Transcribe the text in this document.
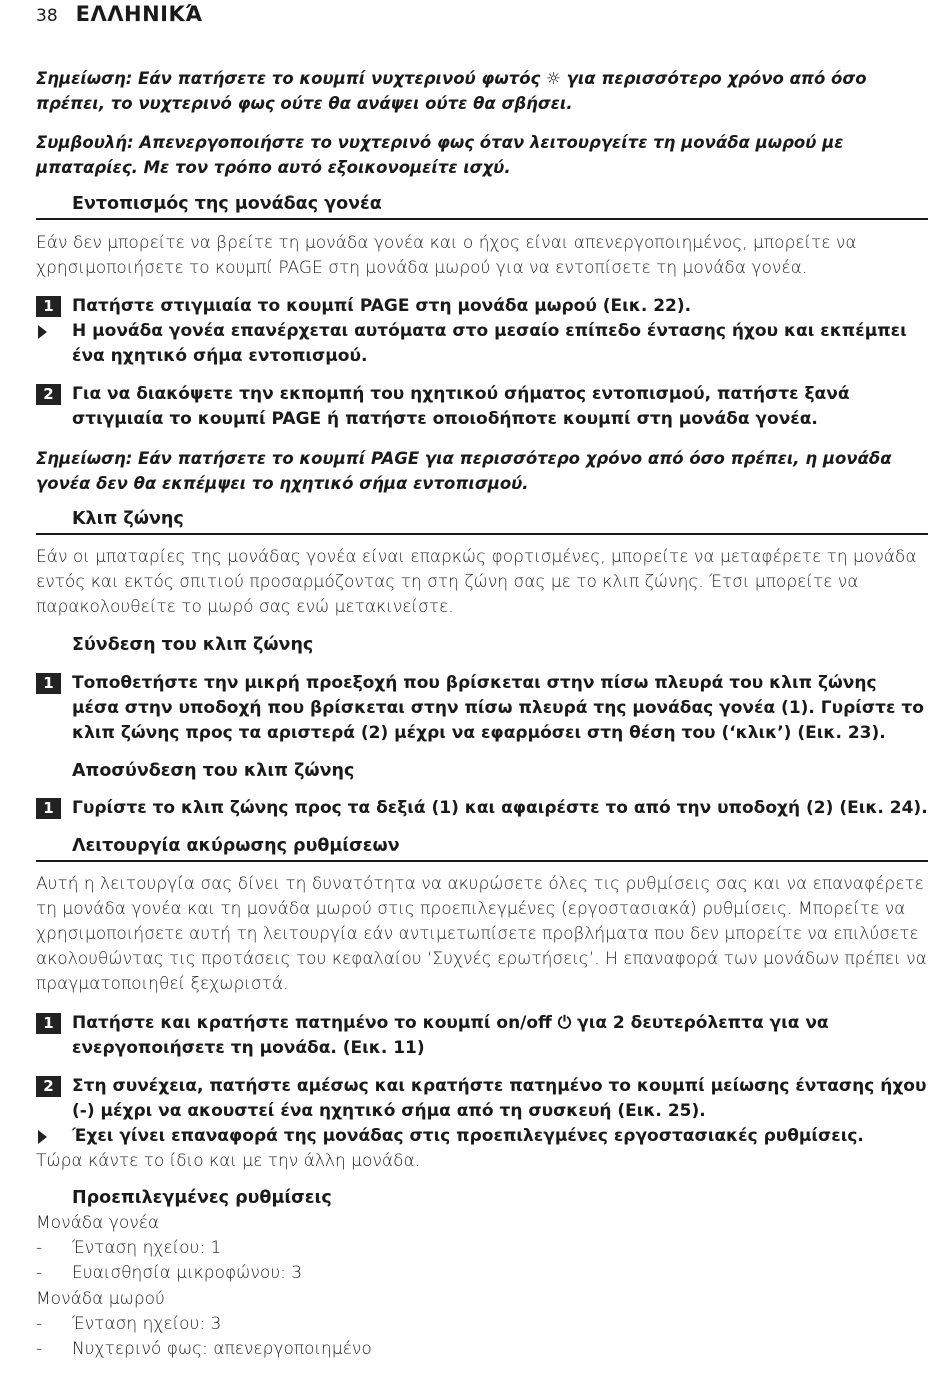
38 ΕΛΛΗΝΙΚΆ

Σημείωση: Εάν πατήσετε το κουμπί νυχτερινού φωτός ☼ για περισσότερο χρόνο από όσο πρέπει, το νυχτερινό φως ούτε θα ανάψει ούτε θα σβήσει.

Συμβουλή: Απενεργοποιήστε το νυχτερινό φως όταν λειτουργείτε τη μονάδα μωρού με μπαταρίες. Με τον τρόπο αυτό εξοικονομείτε ισχύ.

Εντοπισμός της μονάδας γονέα

Εάν δεν μπορείτε να βρείτε τη μονάδα γονέα και ο ήχος είναι απενεργοποιημένος, μπορείτε να χρησιμοποιήσετε το κουμπί PAGE στη μονάδα μωρού για να εντοπίσετε τη μονάδα γονέα.

1	Πατήστε στιγμιαία το κουμπί PAGE στη μονάδα μωρού (Εικ. 22).
Η μονάδα γονέα επανέρχεται αυτόματα στο μεσαίο επίπεδο έντασης ήχου και εκπέμπει ένα ηχητικό σήμα εντοπισμού.
2	Για να διακόψετε την εκπομπή του ηχητικού σήματος εντοπισμού, πατήστε ξανά στιγμιαία το κουμπί PAGE ή πατήστε οποιοδήποτε κουμπί στη μονάδα γονέα.

Σημείωση: Εάν πατήσετε το κουμπί PAGE για περισσότερο χρόνο από όσο πρέπει, η μονάδα γονέα δεν θα εκπέμψει το ηχητικό σήμα εντοπισμού.

Κλιπ ζώνης

Εάν οι μπαταρίες της μονάδας γονέα είναι επαρκώς φορτισμένες, μπορείτε να μεταφέρετε τη μονάδα εντός και εκτός σπιτιού προσαρμόζοντας τη στη ζώνη σας με το κλιπ ζώνης. Έτσι μπορείτε να παρακολουθείτε το μωρό σας ενώ μετακινείστε.

Σύνδεση του κλιπ ζώνης
1	Τοποθετήστε την μικρή προεξοχή που βρίσκεται στην πίσω πλευρά του κλιπ ζώνης μέσα στην υποδοχή που βρίσκεται στην πίσω πλευρά της μονάδας γονέα (1). Γυρίστε το κλιπ ζώνης προς τα αριστερά (2) μέχρι να εφαρμόσει στη θέση του (‘κλικ’) (Εικ. 23).
Αποσύνδεση του κλιπ ζώνης
1	Γυρίστε το κλιπ ζώνης προς τα δεξιά (1) και αφαιρέστε το από την υποδοχή (2) (Εικ. 24).
Λειτουργία ακύρωσης ρυθμίσεων

Αυτή η λειτουργία σας δίνει τη δυνατότητα να ακυρώσετε όλες τις ρυθμίσεις σας και να επαναφέρετε τη μονάδα γονέα και τη μονάδα μωρού στις προεπιλεγμένες (εργοστασιακά) ρυθμίσεις. Μπορείτε να χρησιμοποιήσετε αυτή τη λειτουργία εάν αντιμετωπίσετε προβλήματα που δεν μπορείτε να επιλύσετε ακολουθώντας τις προτάσεις του κεφαλαίου ‘Συχνές ερωτήσεις’. Η επαναφορά των μονάδων πρέπει να πραγματοποιηθεί ξεχωριστά.

1	Πατήστε και κρατήστε πατημένο το κουμπί on/off ⏻ για 2 δευτερόλεπτα για να ενεργοποιήσετε τη μονάδα. (Εικ. 11)
2	Στη συνέχεια, πατήστε αμέσως και κρατήστε πατημένο το κουμπί μείωσης έντασης ήχου (-) μέχρι να ακουστεί ένα ηχητικό σήμα από τη συσκευή (Εικ. 25).
Έχει γίνει επαναφορά της μονάδας στις προεπιλεγμένες εργοστασιακές ρυθμίσεις.
Τώρα κάντε το ίδιο και με την άλλη μονάδα.
Προεπιλεγμένες ρυθμίσεις
Μονάδα γονέα
- Ένταση ηχείου: 1
- Ευαισθησία μικροφώνου: 3
Μονάδα μωρού
- Ένταση ηχείου: 3
- Νυχτερινό φως: απενεργοποιημένο
